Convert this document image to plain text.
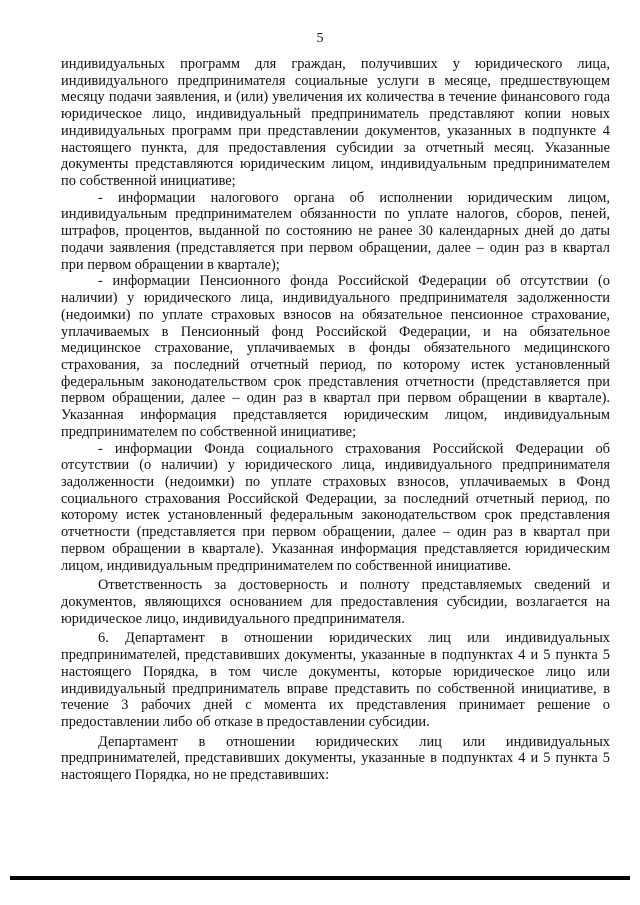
5

индивидуальных программ для граждан, получивших у юридического лица, индивидуального предпринимателя социальные услуги в месяце, предшествующем месяцу подачи заявления, и (или) увеличения их количества в течение финансового года юридическое лицо, индивидуальный предприниматель представляют копии новых индивидуальных программ при представлении документов, указанных в подпункте 4 настоящего пункта, для предоставления субсидии за отчетный месяц. Указанные документы представляются юридическим лицом, индивидуальным предпринимателем по собственной инициативе;

- информации налогового органа об исполнении юридическим лицом, индивидуальным предпринимателем обязанности по уплате налогов, сборов, пеней, штрафов, процентов, выданной по состоянию не ранее 30 календарных дней до даты подачи заявления (представляется при первом обращении, далее – один раз в квартал при первом обращении в квартале);

- информации Пенсионного фонда Российской Федерации об отсутствии (о наличии) у юридического лица, индивидуального предпринимателя задолженности (недоимки) по уплате страховых взносов на обязательное пенсионное страхование, уплачиваемых в Пенсионный фонд Российской Федерации, и на обязательное медицинское страхование, уплачиваемых в фонды обязательного медицинского страхования, за последний отчетный период, по которому истек установленный федеральным законодательством срок представления отчетности (представляется при первом обращении, далее – один раз в квартал при первом обращении в квартале). Указанная информация представляется юридическим лицом, индивидуальным предпринимателем по собственной инициативе;

- информации Фонда социального страхования Российской Федерации об отсутствии (о наличии) у юридического лица, индивидуального предпринимателя задолженности (недоимки) по уплате страховых взносов, уплачиваемых в Фонд социального страхования Российской Федерации, за последний отчетный период, по которому истек установленный федеральным законодательством срок представления отчетности (представляется при первом обращении, далее – один раз в квартал при первом обращении в квартале). Указанная информация представляется юридическим лицом, индивидуальным предпринимателем по собственной инициативе.

Ответственность за достоверность и полноту представляемых сведений и документов, являющихся основанием для предоставления субсидии, возлагается на юридическое лицо, индивидуального предпринимателя.

6. Департамент в отношении юридических лиц или индивидуальных предпринимателей, представивших документы, указанные в подпунктах 4 и 5 пункта 5 настоящего Порядка, в том числе документы, которые юридическое лицо или индивидуальный предприниматель вправе представить по собственной инициативе, в течение 3 рабочих дней с момента их представления принимает решение о предоставлении либо об отказе в предоставлении субсидии.

Департамент в отношении юридических лиц или индивидуальных предпринимателей, представивших документы, указанные в подпунктах 4 и 5 пункта 5 настоящего Порядка, но не представивших:
